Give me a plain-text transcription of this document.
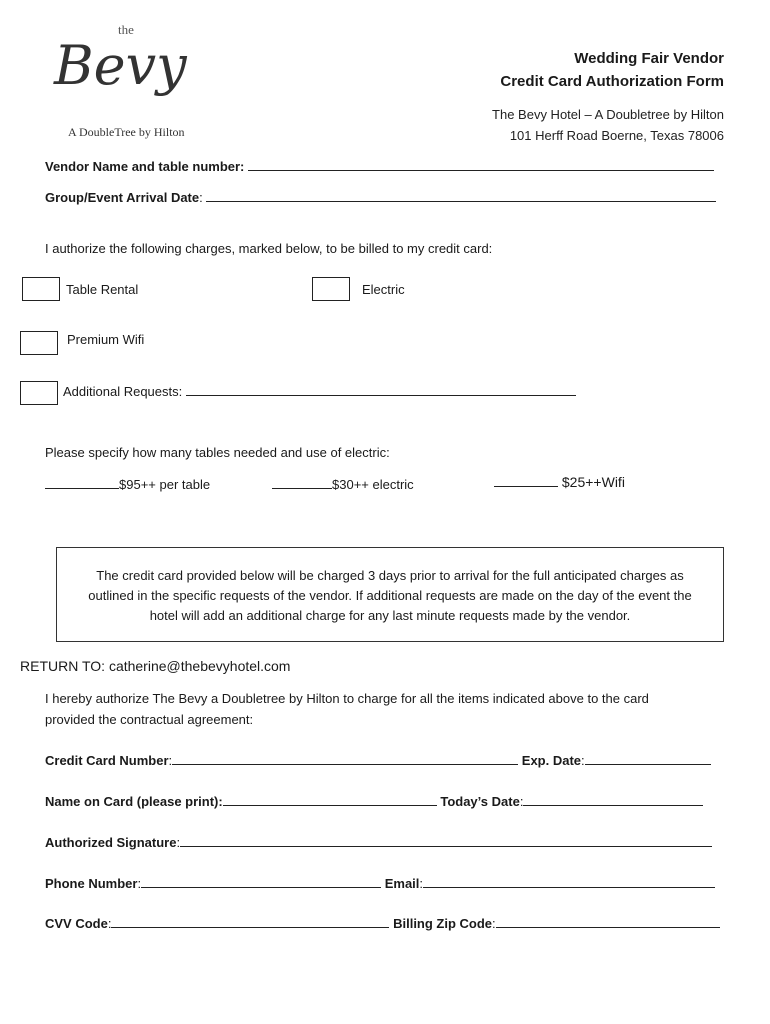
the
Bevy
A DoubleTree by Hilton
Wedding Fair Vendor
Credit Card Authorization Form
The Bevy Hotel – A Doubletree by Hilton
101 Herff Road Boerne, Texas 78006
Vendor Name and table number:
Group/Event Arrival Date:
I authorize the following charges, marked below, to be billed to my credit card:
Table Rental	Electric
Premium Wifi
Additional Requests:
Please specify how many tables needed and use of electric:
$95++ per table	$30++ electric	$25++Wifi
The credit card provided below will be charged 3 days prior to arrival for the full anticipated charges as
outlined in the specific requests of the vendor. If additional requests are made on the day of the event the
hotel will add an additional charge for any last minute requests made by the vendor.
RETURN TO: catherine@thebevyhotel.com
I hereby authorize The Bevy a Doubletree by Hilton to charge for all the items indicated above to the card
provided the contractual agreement:
Credit Card Number:	Exp. Date:
Name on Card (please print):	Today’s Date:
Authorized Signature:
Phone Number:	Email:
CVV Code:	Billing Zip Code:
